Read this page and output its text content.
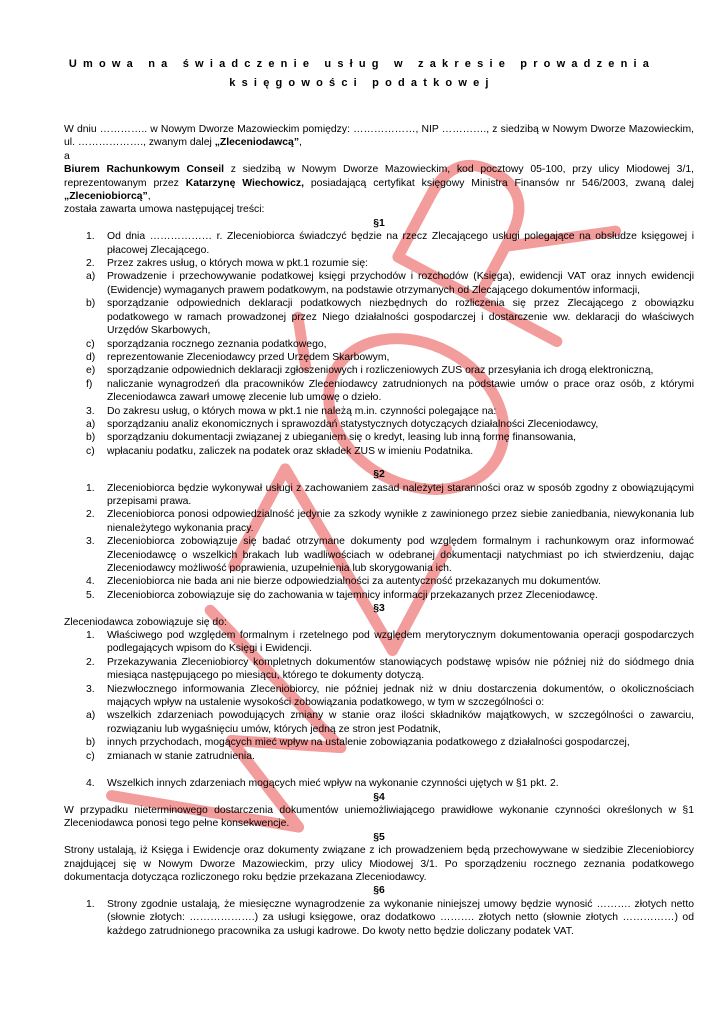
Umowa na świadczenie usług w zakresie prowadzenia
księgowości podatkowej

W dniu ………….. w Nowym Dworze Mazowieckim pomiędzy: ………………, NIP …………., z siedzibą w Nowym Dworze Mazowieckim, ul. ………………., zwanym dalej „Zleceniodawcą”,

a

Biurem Rachunkowym Conseil z siedzibą w Nowym Dworze Mazowieckim, kod pocztowy 05-100, przy ulicy Miodowej 3/1, reprezentowanym przez Katarzynę Wiechowicz, posiadającą certyfikat księgowy Ministra Finansów nr 546/2003, zwaną dalej „Zleceniobiorcą”,

została zawarta umowa następującej treści:

§1

1. Od dnia ……………… r. Zleceniobiorca świadczyć będzie na rzecz Zlecającego usługi polegające na obsłudze księgowej i płacowej Zlecającego.
2. Przez zakres usług, o których mowa w pkt.1 rozumie się:
a) Prowadzenie i przechowywanie podatkowej księgi przychodów i rozchodów (Księga), ewidencji VAT oraz innych ewidencji (Ewidencje) wymaganych prawem podatkowym, na podstawie otrzymanych od Zlecającego dokumentów informacji,
b) sporządzanie odpowiednich deklaracji podatkowych niezbędnych do rozliczenia się przez Zlecającego z obowiązku podatkowego w ramach prowadzonej przez Niego działalności gospodarczej i dostarczenie ww. deklaracji do właściwych Urzędów Skarbowych,
c) sporządzania rocznego zeznania podatkowego,
d) reprezentowanie Zleceniodawcy przed Urzędem Skarbowym,
e) sporządzanie odpowiednich deklaracji zgłoszeniowych i rozliczeniowych ZUS oraz przesyłania ich drogą elektroniczną,
f) naliczanie wynagrodzeń dla pracowników Zleceniodawcy zatrudnionych na podstawie umów o prace oraz osób, z którymi Zleceniodawca zawarł umowę zlecenie lub umowę o dzieło.
3. Do zakresu usług, o których mowa w pkt.1 nie należą m.in. czynności polegające na:
a) sporządzaniu analiz ekonomicznych i sprawozdań statystycznych dotyczących działalności Zleceniodawcy,
b) sporządzaniu dokumentacji związanej z ubieganiem się o kredyt, leasing lub inną formę finansowania,
c) wpłacaniu podatku, zaliczek na podatek oraz składek ZUS w imieniu Podatnika.

§2

1. Zleceniobiorca będzie wykonywał usługi z zachowaniem zasad należytej staranności oraz w sposób zgodny z obowiązującymi przepisami prawa.
2. Zleceniobiorca ponosi odpowiedzialność jedynie za szkody wynikłe z zawinionego przez siebie zaniedbania, niewykonania lub nienależytego wykonania pracy.
3. Zleceniobiorca zobowiązuje się badać otrzymane dokumenty pod względem formalnym i rachunkowym oraz informować Zleceniodawcę o wszelkich brakach lub wadliwościach w odebranej dokumentacji natychmiast po ich stwierdzeniu, dając Zleceniodawcy możliwość poprawienia, uzupełnienia lub skorygowania ich.
4. Zleceniobiorca nie bada ani nie bierze odpowiedzialności za autentyczność przekazanych mu dokumentów.
5. Zleceniobiorca zobowiązuje się do zachowania w tajemnicy informacji przekazanych przez Zleceniodawcę.

§3

Zleceniodawca zobowiązuje się do:

1. Właściwego pod względem formalnym i rzetelnego pod względem merytorycznym dokumentowania operacji gospodarczych podlegających wpisom do Księgi i Ewidencji.
2. Przekazywania Zleceniobiorcy kompletnych dokumentów stanowiących podstawę wpisów nie później niż do siódmego dnia miesiąca następującego po miesiącu, którego te dokumenty dotyczą.
3. Niezwłocznego informowania Zleceniobiorcy, nie później jednak niż w dniu dostarczenia dokumentów, o okolicznościach mających wpływ na ustalenie wysokości zobowiązania podatkowego, w tym w szczególności o:
a) wszelkich zdarzeniach powodujących zmiany w stanie oraz ilości składników majątkowych, w szczególności o zawarciu, rozwiązaniu lub wygaśnięciu umów, których jedną ze stron jest Podatnik,
b) innych przychodach, mogących mieć wpływ na ustalenie zobowiązania podatkowego z działalności gospodarczej,
c) zmianach w stanie zatrudnienia.
4. Wszelkich innych zdarzeniach mogących mieć wpływ na wykonanie czynności ujętych w §1 pkt. 2.

§4

W przypadku nieterminowego dostarczenia dokumentów uniemożliwiającego prawidłowe wykonanie czynności określonych w §1 Zleceniodawca ponosi tego pełne konsekwencje.

§5

Strony ustalają, iż Księga i Ewidencje oraz dokumenty związane z ich prowadzeniem będą przechowywane w siedzibie Zleceniobiorcy znajdującej się w Nowym Dworze Mazowieckim, przy ulicy Miodowej 3/1. Po sporządzeniu rocznego zeznania podatkowego dokumentacja dotycząca rozliczonego roku będzie przekazana Zleceniodawcy.

§6

1. Strony zgodnie ustalają, że miesięczne wynagrodzenie za wykonanie niniejszej umowy będzie wynosić ………. złotych netto (słownie złotych: ……………….) za usługi księgowe, oraz dodatkowo ………. złotych netto (słownie złotych ……………) od każdego zatrudnionego pracownika za usługi kadrowe. Do kwoty netto będzie doliczany podatek VAT.
